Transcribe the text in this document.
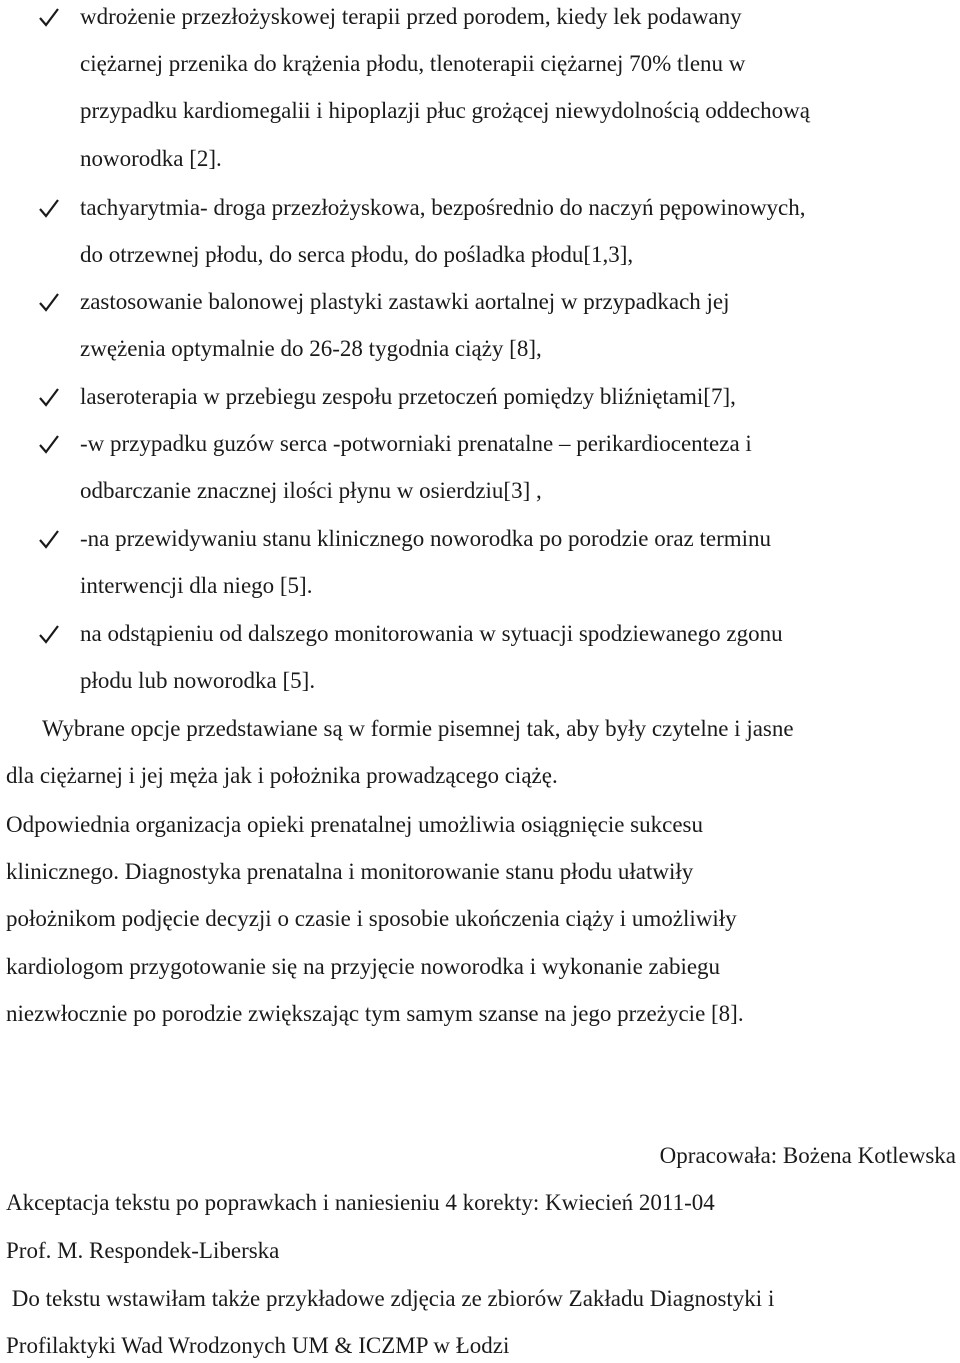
wdrożenie przezłożyskowej terapii przed porodem, kiedy lek podawany
ciężarnej przenika do krążenia płodu, tlenoterapii ciężarnej 70% tlenu w
przypadku kardiomegalii i hipoplazji płuc grożącej niewydolnością oddechową
noworodka [2].
tachyarytmia- droga przezłożyskowa, bezpośrednio do naczyń pępowinowych,
do otrzewnej płodu, do serca płodu, do pośladka płodu[1,3],
zastosowanie balonowej plastyki zastawki aortalnej w przypadkach jej
zwężenia optymalnie do 26-28 tygodnia ciąży [8],
laseroterapia w przebiegu zespołu przetoczeń pomiędzy bliźniętami[7],
-w przypadku guzów serca -potworniaki prenatalne – perikardiocenteza i
odbarczanie znacznej ilości płynu w osierdziu[3] ,
-na przewidywaniu stanu klinicznego noworodka po porodzie oraz terminu
interwencji dla niego [5].
na odstąpieniu od dalszego monitorowania w sytuacji spodziewanego zgonu
płodu lub noworodka [5].
Wybrane opcje przedstawiane są w formie pisemnej tak, aby były czytelne i jasne
dla ciężarnej i jej męża jak i położnika prowadzącego ciążę.
Odpowiednia organizacja opieki prenatalnej umożliwia osiągnięcie sukcesu
klinicznego. Diagnostyka prenatalna i monitorowanie stanu płodu ułatwiły
położnikom podjęcie decyzji o czasie i sposobie ukończenia ciąży i umożliwiły
kardiologom przygotowanie się na przyjęcie noworodka i wykonanie zabiegu
niezwłocznie po porodzie zwiększając tym samym szanse na jego przeżycie [8].

Opracowała: Bożena Kotlewska

Akceptacja tekstu po poprawkach i naniesieniu 4 korekty: Kwiecień 2011-04

Prof. M. Respondek-Liberska

Do tekstu wstawiłam także przykładowe zdjęcia ze zbiorów Zakładu Diagnostyki i

Profilaktyki Wad Wrodzonych UM & ICZMP w Łodzi
